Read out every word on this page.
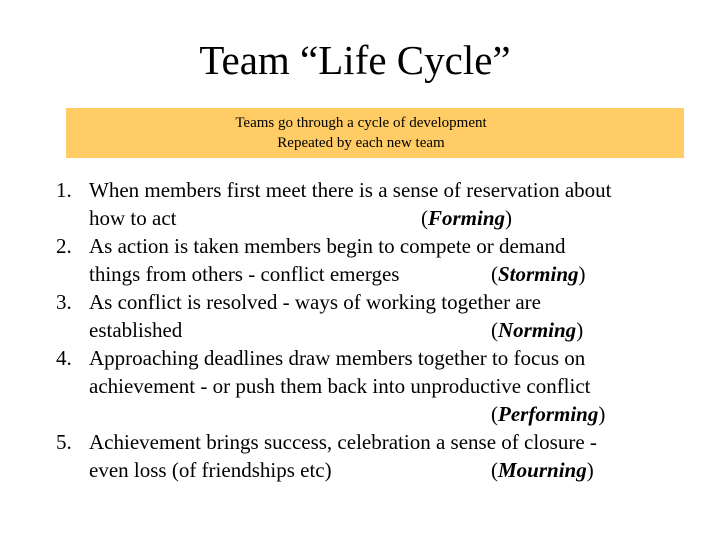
Team “Life Cycle”
Teams go through a cycle of development
Repeated by each new team
1. When members first meet there is a sense of reservation about
how to act	(Forming)
2. As action is taken members begin to compete or demand
things from others - conflict emerges	(Storming)
3. As conflict is resolved - ways of working together are
established	(Norming)
4. Approaching deadlines draw members together to focus on
achievement - or push them back into unproductive conflict
(Performing)
5. Achievement brings success, celebration a sense of closure -
even loss (of friendships etc)	(Mourning)
